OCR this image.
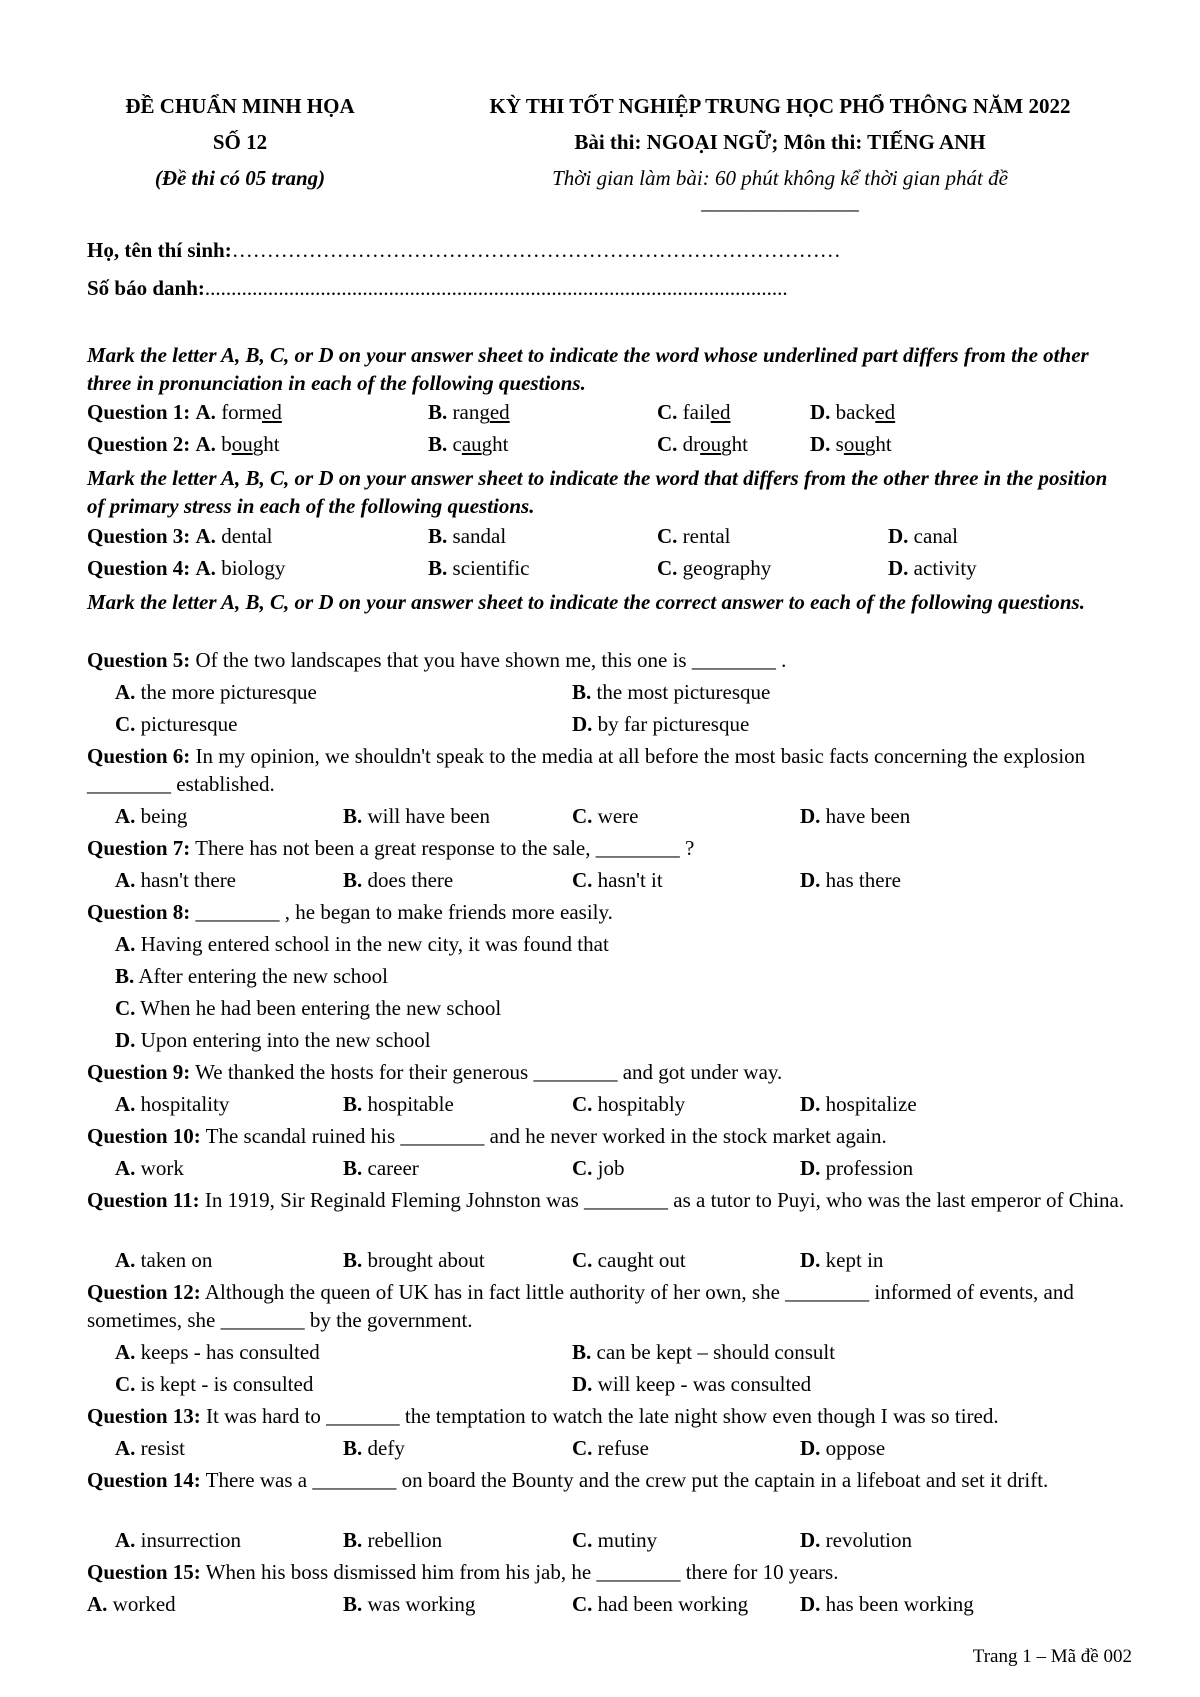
ĐỀ CHUẨN MINH HỌA
SỐ 12
(Đề thi có 05 trang)
KỲ THI TỐT NGHIỆP TRUNG HỌC PHỔ THÔNG NĂM 2022
Bài thi: NGOẠI NGỮ; Môn thi: TIẾNG ANH
Thời gian làm bài: 60 phút không kể thời gian phát đề
_______________
Họ, tên thí sinh:……………………………………………………………………………
Số báo danh:...............................................................................................................
Mark the letter A, B, C, or D on your answer sheet to indicate the word whose underlined part differs from the other three in pronunciation in each of the following questions.
Question 1: A. formed	B. ranged	C. failed	D. backed
Question 2: A. bought	B. caught	C. drought	D. sought
Mark the letter A, B, C, or D on your answer sheet to indicate the word that differs from the other three in the position of primary stress in each of the following questions.
Question 3: A. dental	B. sandal	C. rental	D. canal
Question 4: A. biology	B. scientific	C. geography	D. activity
Mark the letter A, B, C, or D on your answer sheet to indicate the correct answer to each of the following questions.
Question 5: Of the two landscapes that you have shown me, this one is ________ .
A. the more picturesque	B. the most picturesque
C. picturesque	D. by far picturesque
Question 6: In my opinion, we shouldn't speak to the media at all before the most basic facts concerning the explosion ________ established.
A. being	B. will have been	C. were	D. have been
Question 7: There has not been a great response to the sale, ________ ?
A. hasn't there	B. does there	C. hasn't it	D. has there
Question 8: ________ , he began to make friends more easily.
A. Having entered school in the new city, it was found that
B. After entering the new school
C. When he had been entering the new school
D. Upon entering into the new school
Question 9: We thanked the hosts for their generous ________ and got under way.
A. hospitality	B. hospitable	C. hospitably	D. hospitalize
Question 10: The scandal ruined his ________ and he never worked in the stock market again.
A. work	B. career	C. job	D. profession
Question 11: In 1919, Sir Reginald Fleming Johnston was ________ as a tutor to Puyi, who was the last emperor of China.
A. taken on	B. brought about	C. caught out	D. kept in
Question 12: Although the queen of UK has in fact little authority of her own, she ________ informed of events, and sometimes, she ________ by the government.
A. keeps - has consulted	B. can be kept – should consult
C. is kept - is consulted	D. will keep - was consulted
Question 13: It was hard to _______ the temptation to watch the late night show even though I was so tired.
A. resist	B. defy	C. refuse	D. oppose
Question 14: There was a ________ on board the Bounty and the crew put the captain in a lifeboat and set it drift.
A. insurrection	B. rebellion	C. mutiny	D. revolution
Question 15: When his boss dismissed him from his jab, he ________ there for 10 years.
A. worked	B. was working	C. had been working D. has been working
Trang 1 – Mã đề 002
